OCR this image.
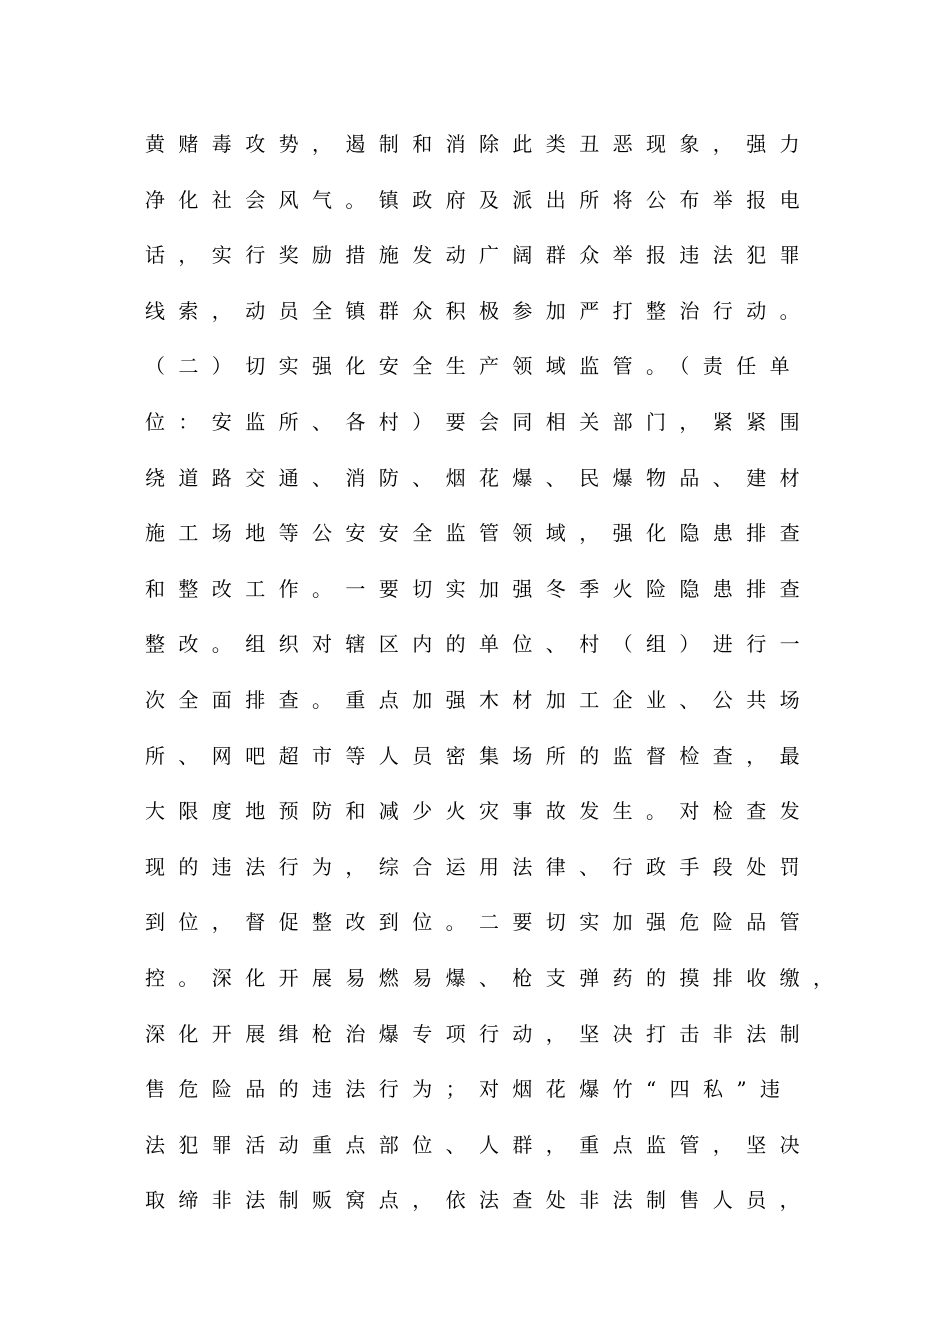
黄赌毒攻势，遏制和消除此类丑恶现象，强力
净化社会风气。镇政府及派出所将公布举报电
话，实行奖励措施发动广阔群众举报违法犯罪
线索，动员全镇群众积极参加严打整治行动。
（二）切实强化安全生产领域监管。（责任单
位：安监所、各村）要会同相关部门，紧紧围
绕道路交通、消防、烟花爆、民爆物品、建材
施工场地等公安安全监管领域，强化隐患排查
和整改工作。一要切实加强冬季火险隐患排查
整改。组织对辖区内的单位、村（组）进行一
次全面排查。重点加强木材加工企业、公共场
所、网吧超市等人员密集场所的监督检查，最
大限度地预防和减少火灾事故发生。对检查发
现的违法行为，综合运用法律、行政手段处罚
到位，督促整改到位。二要切实加强危险品管
控。深化开展易燃易爆、枪支弹药的摸排收缴，
深化开展缉枪治爆专项行动，坚决打击非法制
售危险品的违法行为；对烟花爆竹“四私”违
法犯罪活动重点部位、人群，重点监管，坚决
取缔非法制贩窝点，依法查处非法制售人员，
